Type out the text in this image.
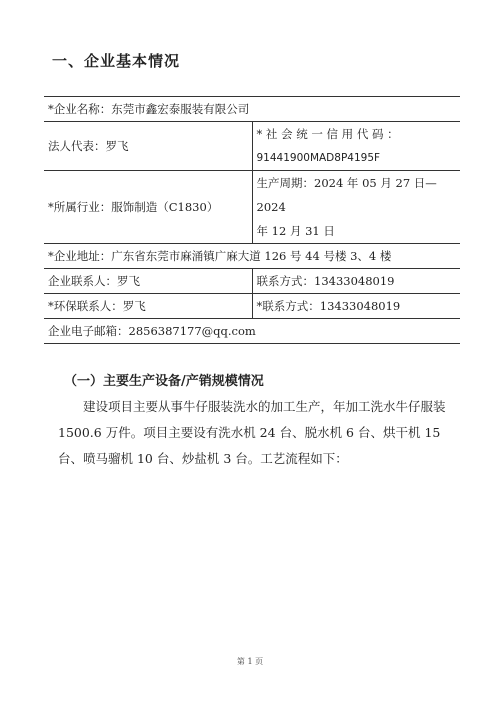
一、企业基本情况
*企业名称：东莞市鑫宏泰服装有限公司	
法人代表：罗飞	* 社 会 统 一 信 用 代 码 ：
91441900MAD8P4195F

*所属行业：服饰制造（C1830）	生产周期：2024 年 05 月 27 日—2024
年 12 月 31 日

*企业地址：广东省东莞市麻涌镇广麻大道 126 号 44 号楼 3、4 楼	
企业联系人：罗飞	联系方式：13433048019
*环保联系人：罗飞	*联系方式：13433048019
企业电子邮箱：2856387177@qq.com	
（一）主要生产设备/产销规模情况

建设项目主要从事牛仔服装洗水的加工生产，年加工洗水牛仔服装 1500.6 万件。项目主要设有洗水机 24 台、脱水机 6 台、烘干机 15 台、喷马骝机 10 台、炒盐机 3 台。工艺流程如下：

第 1 页
